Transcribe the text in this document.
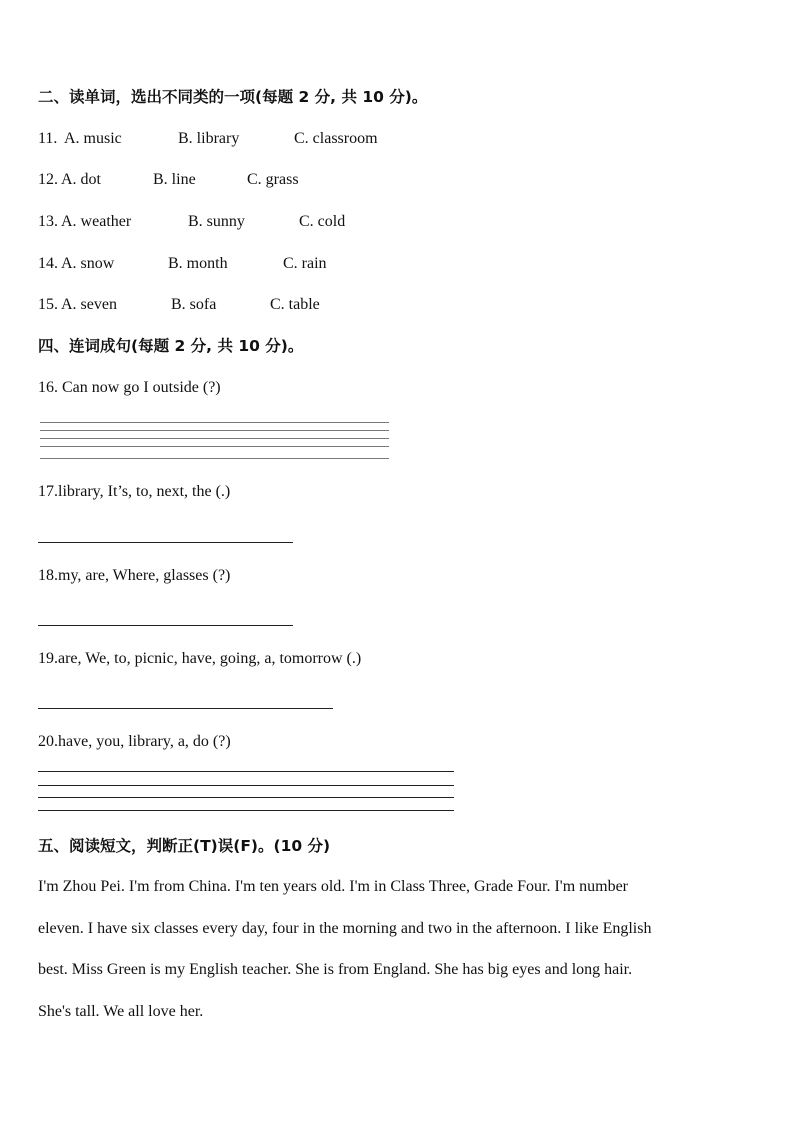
二、读单词，选出不同类的一项(每题 2 分, 共 10 分)。
11. A. music	B. library	C. classroom
12. A. dot	B. line	C. grass
13. A. weather	B. sunny	C. cold
14. A. snow	B. month	C. rain
15. A. seven	B. sofa	C. table
四、连词成句(每题 2 分, 共 10 分)。
16. Can now go I outside (?)
17.library, It’s, to, next, the (.)
18.my, are, Where, glasses (?)
19.are, We, to, picnic, have, going, a, tomorrow (.)
20.have, you, library, a, do (?)
五、阅读短文，判断正(T)误(F)。(10 分)
I'm Zhou Pei. I'm from China. I'm ten years old. I'm in Class Three, Grade Four. I'm number
eleven. I have six classes every day, four in the morning and two in the afternoon. I like English
best. Miss Green is my English teacher. She is from England. She has big eyes and long hair.
She's tall. We all love her.
